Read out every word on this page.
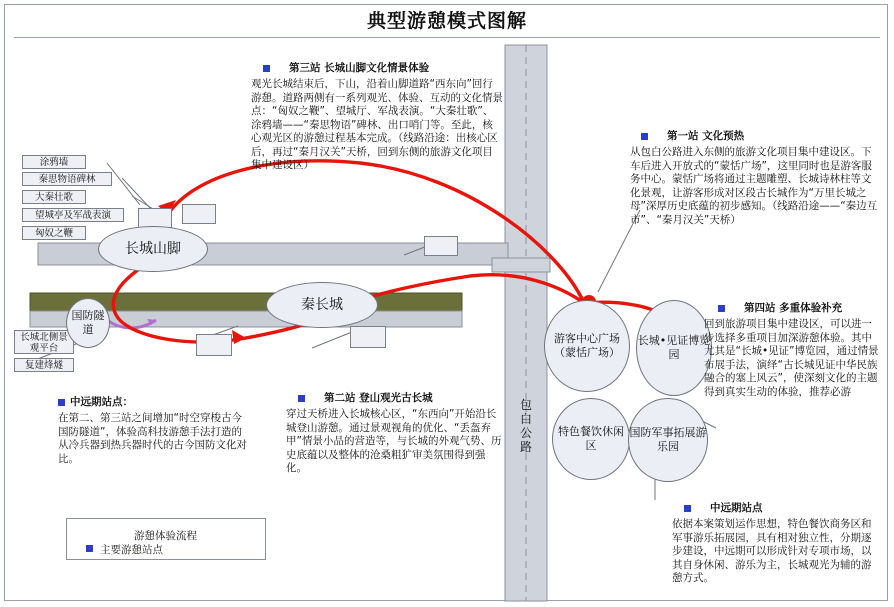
典型游憩模式图解
涂鸦墙
秦思物语碑林
大秦壮歌
望城亭及军战表演
匈奴之鞭
长城北侧景观平台
复建烽燧
长城山脚
秦长城
国防隧道
游客中心广场（蒙恬广场）
长城•见证博览园
特色餐饮休闲区
国防军事拓展游乐园
包白公路
第三站 长城山脚文化情景体验
观光长城结束后，下山，沿着山脚道路“西东向”回行游憩。道路两侧有一系列观光、体验、互动的文化情景点：“匈奴之鞭”、望城厅、军战表演。“大秦壮歌”、涂鸦墙——“秦思物语”碑林、出口哨门等。至此，核心观光区的游憩过程基本完成。（线路沿途：出核心区后，再过“秦月汉关”天桥，回到东侧的旅游文化项目集中建设区）
第一站 文化预热
从包白公路进入东侧的旅游文化项目集中建设区。下车后进入开放式的“蒙恬广场”，这里同时也是游客服务中心。蒙恬广场将通过主题雕塑、长城诗林柱等文化景观，让游客形成对区段古长城作为“万里长城之母”深厚历史底蕴的初步感知。（线路沿途——“秦边互市”、“秦月汉关”天桥）
第四站 多重体验补充
回到旅游项目集中建设区，可以进一步选择多重项目加深游憩体验。其中尤其是“长城•见证”博览园，通过情景布展手法，演绎“古长城见证中华民族融合的塞上风云”，使深刻文化的主题得到真实生动的体验，推荐必游
第二站 登山观光古长城
穿过天桥进入长城核心区，“东西向”开始沿长城登山游憩。通过景观视角的优化、“丢盔弃甲”情景小品的营造等，与长城的外观气势、历史底蕴以及整体的沧桑粗犷审美氛围得到强化。
中远期站点：
在第二、第三站之间增加“时空穿梭古今国防隧道”，体验高科技游憩手法打造的从冷兵器到热兵器时代的古今国防文化对比。
中远期站点
依据本案策划运作思想，特色餐饮商务区和军事游乐拓展园，具有相对独立性，分期逐步建设，中远期可以形成针对专项市场，以其自身休闲、游乐为主，长城观光为辅的游憩方式。
游憩体验流程
主要游憩站点
